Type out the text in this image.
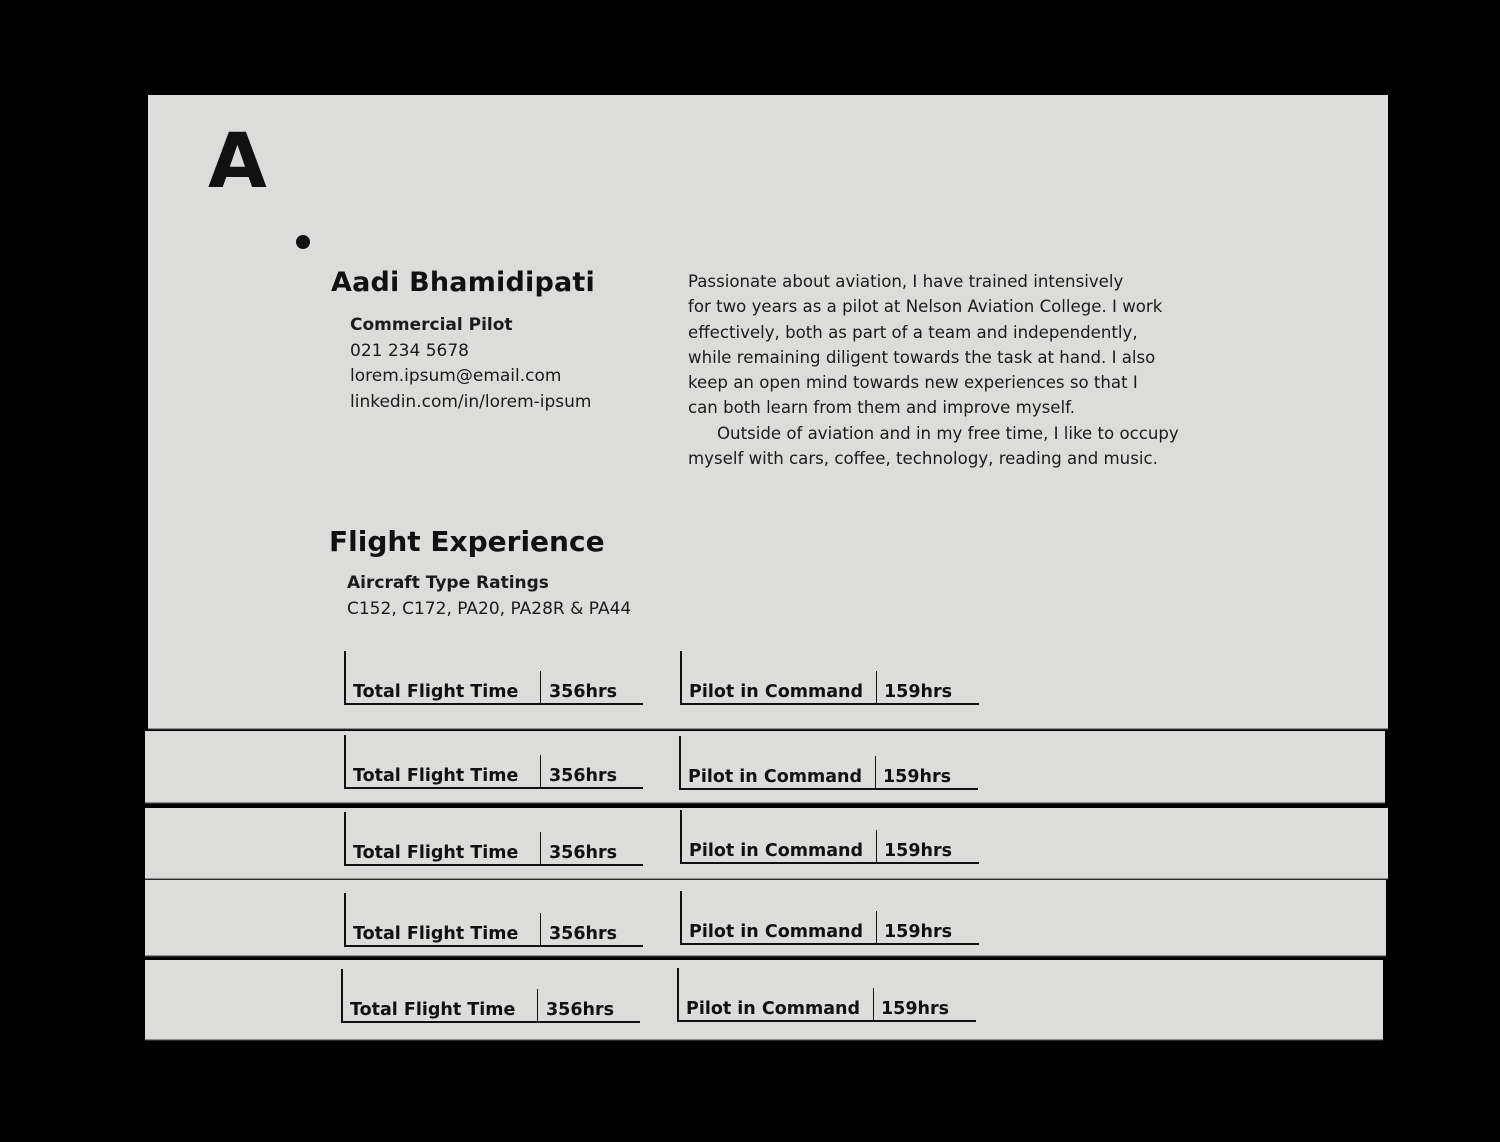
A
Aadi Bhamidipati
Commercial Pilot
021 234 5678
lorem.ipsum@email.com
linkedin.com/in/lorem-ipsum

Passionate about aviation, I have trained intensively
for two years as a pilot at Nelson Aviation College. I work
effectively, both as part of a team and independently,
while remaining diligent towards the task at hand. I also
keep an open mind towards new experiences so that I
can both learn from them and improve myself.

Outside of aviation and in my free time, I like to occupy
myself with cars, coffee, technology, reading and music.

Flight Experience
Aircraft Type Ratings
C152, C172, PA20, PA28R & PA44
Total Flight Time 356hrs	Pilot in Command 159hrs
Total Flight Time 356hrs	Pilot in Command 159hrs
Total Flight Time 356hrs	Pilot in Command 159hrs
Total Flight Time 356hrs	Pilot in Command 159hrs
Total Flight Time 356hrs	Pilot in Command 159hrs
